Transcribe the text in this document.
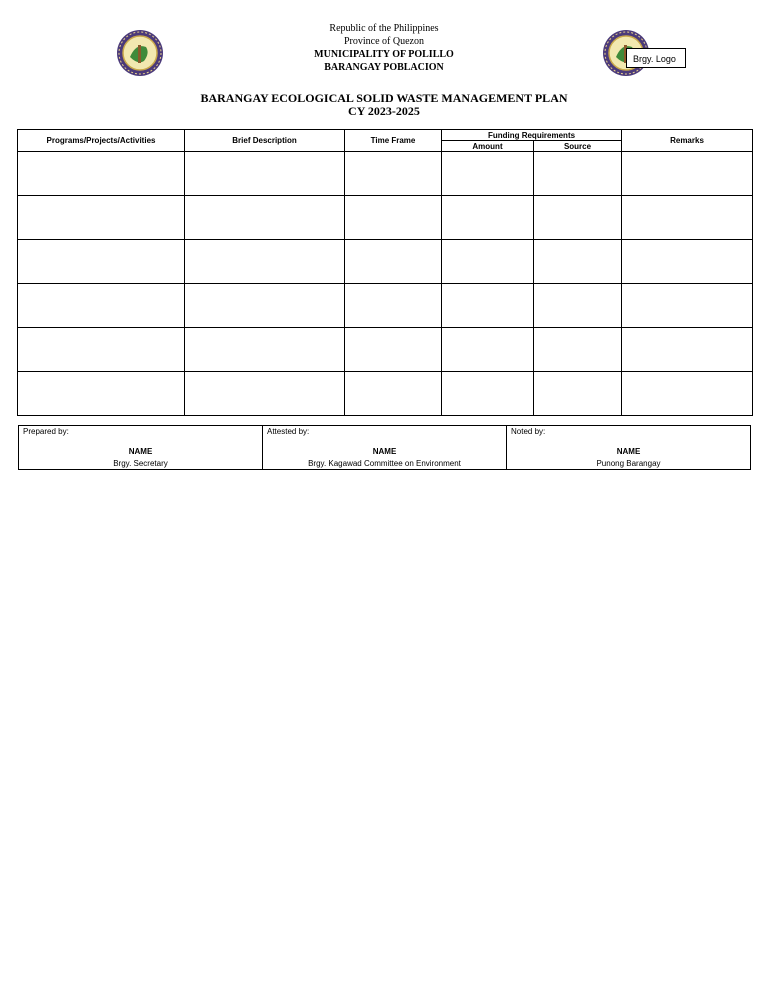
Brgy. Logo
Republic of the Philippines
Province of Quezon
MUNICIPALITY OF POLILLO
BARANGAY POBLACION
BARANGAY ECOLOGICAL SOLID WASTE MANAGEMENT PLAN
CY 2023-2025
Programs/Projects/Activities	Brief Description	Time Frame	Funding Requirements		Remarks
			Amount	Source	

Prepared by:
NAME
Brgy. Secretary
Attested by:
NAME
Brgy. Kagawad Committee on Environment
Noted by:
NAME
Punong Barangay
